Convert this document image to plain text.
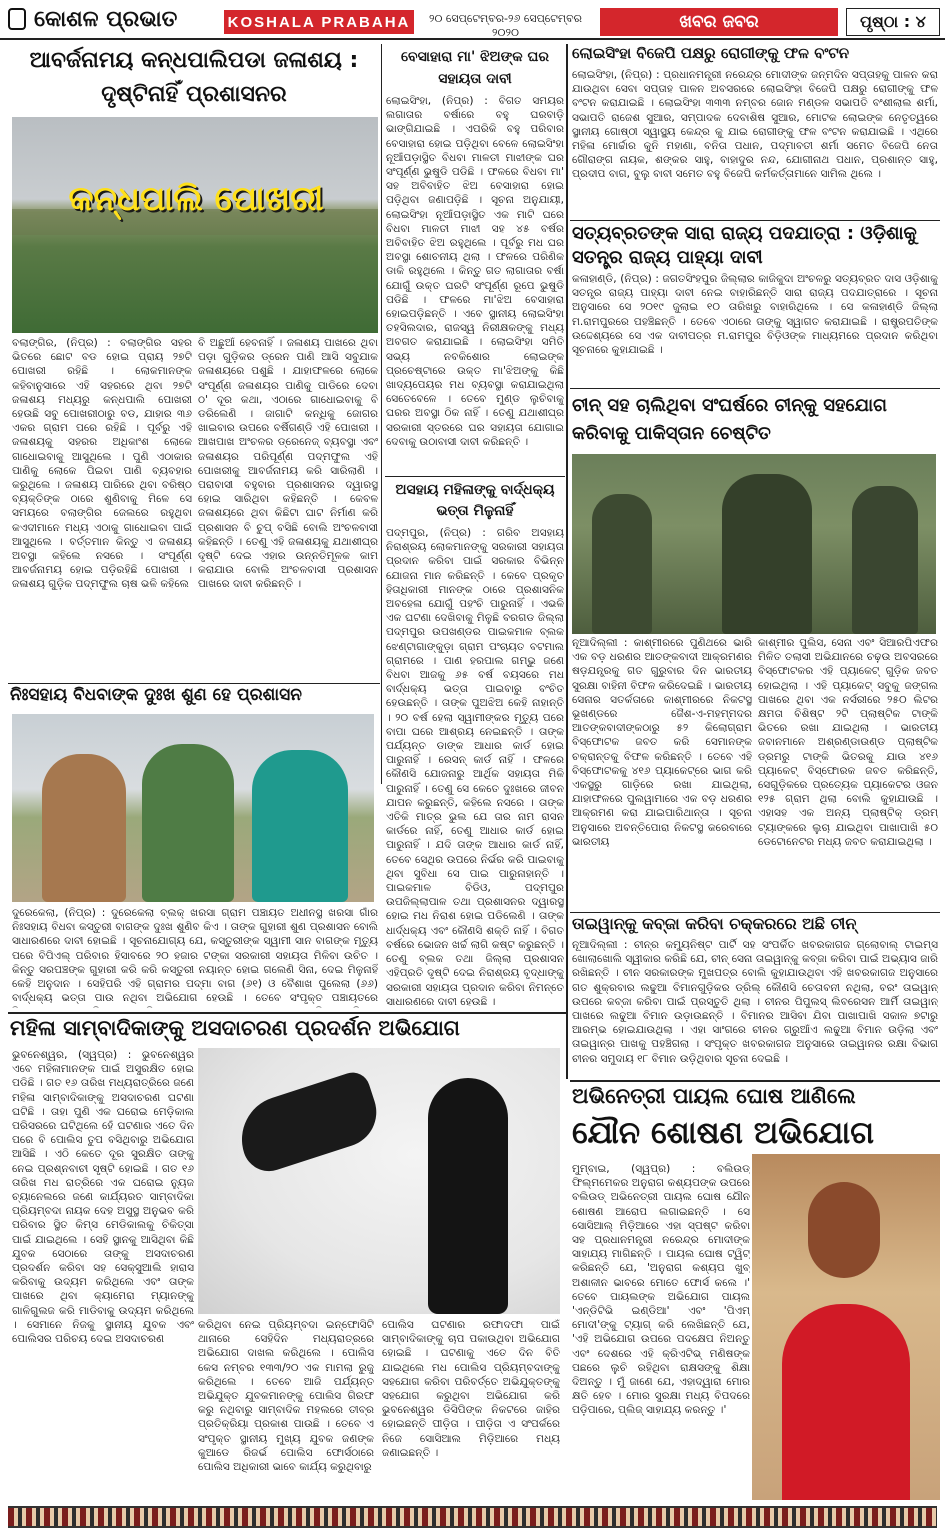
କୋଶଳ ପ୍ରଭାତ	KOSHALA PRABAHA	୨୦ ସେପ୍ଟେମ୍ବର-୨୬ ସେପ୍ଟେମ୍ବର ୨୦୨୦
ଖବର ଜବର	ପୃଷ୍ଠା : ୪
ଆବର୍ଜନାମୟ କନ୍ଧପାଲିପଡା ଜଳାଶୟ : ଦୃଷ୍ଟିନାହିଁ ପ୍ରଶାସନର
କନ୍ଧପାଲି ପୋଖରୀ
ବଲାଙ୍ଗିର, (ନିପ୍ର) : ବଲାଙ୍ଗିର ସହର ଭିତରେ ଛୋଟ ବଡ ହୋଇ ପ୍ରାୟ ୨୭ଟି ପୋଖରୀ ରହିଛି । ଲୋକମାନଙ୍କ କହିବାନୁସାରେ ଏହି ସହରରେ ଥିବା ୨୭ଟି ଜଳାଶୟ ମଧ୍ୟରୁ କନ୍ଧପାଲି ପୋଖରୀ ହେଉଛି ସବୁ ପୋଖରୀଠାରୁ ବଡ, ଯାହାର ୩୬ ଏକର ଗ୍ରାମ ପରେ ରହିଛି । ପୂର୍ବରୁ ଏହି ଜଳାଶୟକୁ ସହରର ଅଧିକାଂଶ ଲୋକେ ଗାଧୋଇବାକୁ ଆସୁଥିଲେ । ପୁଣି ଏଠାକାର ପାଣିକୁ ଲୋକେ ପିଇବା ପାଣି ବ୍ୟବହାର କରୁଥିଲେ । ଜଳାଶୟ ପାରିରେ ଥିବା ବରିଷ୍ଠ ବ୍ୟକ୍ତିଙ୍କ ଠାରେ ଶୁଣିବାକୁ ମିଳେ ସେ ସମୟରେ ବଲାଙ୍ଗିର ଜେଲରେ ରହୁଥିବା କଏଦୀମାନେ ମଧ୍ୟ ଏଠାକୁ ଗାଧୋଇବା ପାଇଁ ଆସୁଥିଲେ । ବର୍ତ୍ତମାନ କିନ୍ତୁ ଏ ଜଳାଶୟ ଅବସ୍ଥା କହିଲେ ନସରେ । ସଂପୂର୍ଣ୍ଣ ଆବର୍ଜନାମୟ ହୋଇ ପଡ଼ିରହିଛି ପୋଖରୀ । ଜଳାଶୟ ଗୁଡ଼ିକ ପଦ୍ମଫୁଲ ଚାଷ ଭଳି କହିଲେ
ବି ଅଛୁଆଁ ହେବନାହିଁ । ଜଳାଶୟ ପାଖରେ ଥିବା ପଡ଼ା ଗୁଡ଼ିକର ଡ୍ରେନ ପାଣି ଆସି ସବୁଯାକ ଜଳାଶୟରେ ପଶୁଛି । ଯାହାଫଳରେ ଲୋକେ ସଂପୂର୍ଣ୍ଣ ଜଳାଶୟର ପାଣିକୁ ପାଡିରେ ଦେବା ଠ' ଦୂର କଥା, ଏଠାରେ ଗାଧୋଇବାକୁ ବି ଡରିଲେଣି । ଜାଗାଟି କନ୍ଧିକୁ ଜୋଗର ଖାଇବାର ଉପରେ ବର୍ଷିଗଣ୍ଡି ଏହି ପୋଖରୀ । ଆଖପାଖ ଅଂଚଳର ଡ୍ରେନେଜ୍ ବ୍ୟବସ୍ଥା ଏବଂ ଜଳାଶୟର ପରିପୂର୍ଣ୍ଣ ପଦ୍ମଫୁଲ ଏହି ପୋଖରୀକୁ ଆବର୍ଜନାମୟ କରି ସାରିଲାଣି । ପରାବାସୀ ବହୁବାର ପ୍ରଶାସନର ଦ୍ୱାରସ୍ଥ ହୋଇ ସାରିଥିବା କହିଛନ୍ତି । କେବଳ ଜଳାଶୟରେ ଥିବା କିଛିଟା ଘାଟ ନିର୍ମାଣ କରି ପ୍ରଶାସନ ବି ଚୁପ୍ ବସିଛି ବୋଲି ଅଂଚଳବାସୀ କହିଛନ୍ତି । ତେଣୁ ଏହି ଜଳାଶୟକୁ ଯଥାଶୀଘ୍ର ଦୃଷ୍ଟି ଦେଇ ଏହାର ଉନ୍ନତିମୂଳକ କାମ କରାଯାଉ ବୋଲି ଅଂଚଳବାସୀ ପ୍ରଶାସନ ପାଖରେ ଦାବୀ କରିଛନ୍ତି ।
ନିଃସହାୟ ବିଧବାଙ୍କ ଦୁଃଖ ଶୁଣ ହେ ପ୍ରଶାସନ
ଦୁରେକେଲା, (ନିପ୍ର) : ଦୁରେକେଲା ବ୍ଲକ୍ ଖରସା ଗ୍ରାମ ପଞ୍ଚାୟତ ଅଧୀନସ୍ଥ ଖରସା ଗାଁର ନିଃସହାୟ ବିଧବା କସ୍ତୁରୀ ବାଗଙ୍କ ଦୁଃଖ ଶୁଣିବ କିଏ । ତାଙ୍କ ଗୁହାରୀ ଶୁଣ ପ୍ରଶାସନ ବୋଲି ସାଧାରଣରେ ଦାବୀ ହୋଇଛି । ସୂଚନାଯୋଗ୍ୟ ଯେ, କସ୍ତୁରୀଙ୍କ ସ୍ୱାମୀ ସାନ ବାଗଙ୍କ ମୃତ୍ୟୁ ପରେ ବିପିଏଲ୍ ପରିବାର ହିସାବରେ ୨୦ ହଜାର ଟଙ୍କା ସରକାରୀ ସହାୟତା ମିଳିବା ଉଚିତ । କିନ୍ତୁ ସରପଞ୍ଚଙ୍କ ଗୁହାରୀ କରି କରି କସ୍ତୁରୀ ନୟାନ୍ତ ହୋଇ ଗଲେଣି ସିନା, ଦେଇ ମିଳୁନାହିଁ କେହି ଅନୁଦାନ । ସେହିପରି ଏହି ଗ୍ରାମର ପଦ୍ମା ବାଗ (୬୧) ଓ ବୈଶାଖ ପୁଲେଲା (୬୬) ବାର୍ଦ୍ଧକ୍ୟ ଭତ୍ତା ପାଉ ନଥିବା ଅଭିଯୋଗ ହେଉଛି । ତେବେ ସଂପୃକ୍ତ ପଞ୍ଚାୟତରେ
ବେସାହାରା ମା' ଝିଅଙ୍କ ଘର ସହାୟତା ଦାବୀ
ଲୋଇସିଂହା, (ନିପ୍ର) : ବିଗତ ସମୟର ଲଗାତାର ବର୍ଷାରେ ବହୁ ଘରବାଡ଼ି ଭାଙ୍ଗିଯାଇଛି । ଏପରିକି ବହୁ ପରିବାର ବେସାହାରା ହୋଇ ପଡ଼ିଥିବା ବେଳେ ଲୋଇସିଂହା ନୂଆଁପଡ଼ାସ୍ଥିତ ବିଧବା ମାଳତୀ ମାଝୀଙ୍କ ଘର ସଂପୂର୍ଣ୍ଣ ଭୁଷୁଡି ପଡିଛି । ଫଳରେ ବିଧବା ମା' ସହ ଅବିବାହିତ ଝିଅ ବେସାହାରା ହୋଇ ପଡ଼ିଥିବା ଜଣାପଡ଼ିଛି । ସୂଚନା ଅନୁଯାୟୀ, ଲୋଇସିଂହା ନୂଆଁପଡ଼ାସ୍ଥିତ ଏକ ମାଟି ଘରେ ବିଧବା ମାଳତୀ ମାଝୀ ସହ ୪୫ ବର୍ଷର ଅବିବାହିତ ଝିଅ ରହୁଥିଲେ । ପୂର୍ବରୁ ମଧ ଘର ଅବସ୍ଥା ଶୋଚନୀୟ ଥିଲା । ଫଳରେ ପରିଣିକ ଡାକି ରହୁଥିଲେ । କିନ୍ତୁ ଗତ ଲାଗାତାର ବର୍ଷା ଯୋଗୁଁ ଉକ୍ତ ଘରଟି ସଂପୂର୍ଣ୍ଣ ରୂପେ ଭୁଷୁଡି ପଡିଛି । ଫଳରେ ମା'ଝିଅ ବେସାହାରା ହୋଇପଡ଼ିଛନ୍ତି । ଏବେ ସ୍ଥାନୀୟ ଲୋଇସିଂହା ତହସିଲଦାର, ରାଜସ୍ୱ ନିରୀକ୍ଷକଙ୍କୁ ମଧ୍ୟ ଅବଗତ କରାଯାଇଛି । ଲୋଇସିଂହା ସମିତି ସଭ୍ୟ ନବକିଶୋର ଲୋଇଙ୍କ ପ୍ରଚେଷ୍ଟାରେ ଉକ୍ତ ମା'ଝିଅଙ୍କୁ କିଛି ଖାଦ୍ୟପେୟର ମଧ ବ୍ୟବସ୍ଥା କରାଯାଇଥିଲା ସେତେବେଳେ । ତେବେ ମୁଣ୍ଡ ଲୁଚିବାକୁ ଘରର ଅବସ୍ଥା ଠିକ ନାହିଁ । ତେଣୁ ଯଥାଶୀଘ୍ର ସରକାରୀ ସ୍ତରରେ ଘର ସହାୟତା ଯୋଗାଇ ଦେବାକୁ ଉଠାବାସୀ ଦାବୀ କରିଛନ୍ତି ।
ଅସହାୟ ମହିଳାଙ୍କୁ ବାର୍ଦ୍ଧକ୍ୟ ଭତ୍ତା ମିଳୁନାହିଁ
ପଦ୍ମପୁର, (ନିପ୍ର) : ଗରିବ ଅସହାୟ ନିରାଶ୍ରୟ ଲୋକମାନଙ୍କୁ ସରକାରୀ ସହାୟତା ପ୍ରଦାନ କରିବା ପାଇଁ ସରକାର ବିଭିନ୍ନ ଯୋଜନା ମାନ କରିଛନ୍ତି । କେବେ ପ୍ରକୃତ ହିତାଧିକାରୀ ମାନଙ୍କ ଠାରେ ପ୍ରଶାସନିକ ଅବହେଳା ଯୋଗୁଁ ପହଂଚି ପାରୁନାହିଁ । ଏଭଳି ଏକ ଘଟଣା ଦେଖିବାକୁ ମିଳୁଛି ବରଗଡ ଜିଲ୍ଲା ପଦ୍ମପୁର ଉପଖଣ୍ଡର ପାଇକମାଳ ବ୍ଲକ ଝେଣ୍ଟାଗାଙ୍କୁଡ଼ା ଗ୍ରାମ ପଂଚାୟତ ବଟମାଲ ଗ୍ରାମରେ । ପାଣ ହରପାଲ ଗମ୍ଭୁ ଜଣେ ବିଧବା ଆଜକୁ ୬୫ ବର୍ଷ ବୟସରେ ମଧ ବାର୍ଦ୍ଧକ୍ୟ ଭତ୍ତା ପାଇବାରୁ ବଂଚିତ ହେଉଛନ୍ତି । ତାଙ୍କ ପୁଅଝିଅ କେହି ନାହାନ୍ତି । ୨୦ ବର୍ଷ ହେଲା ସ୍ୱାମୀଙ୍କର ମୃତ୍ୟୁ ପରେ ବାପା ଘରେ ଆଶ୍ରୟ ନେଇଛନ୍ତି । ତାଙ୍କ ପର୍ଯ୍ୟନ୍ତ ଡାଙ୍କ ଆଧାର କାର୍ଡ ହୋଇ ପାରୁନାହିଁ । ରେସନ୍ କାର୍ଡ ନାହିଁ । ଫଳରେ କୌଣସି ଯୋଜନାରୁ ଆର୍ଥିକ ସହାୟତା ମିଳି ପାରୁନାହିଁ । ତେଣୁ ସେ କେତେ ଦୁଃଖରେ ଜୀବନ ଯାପନ କରୁଛନ୍ତି, କହିଲେ ନସରେ । ତାଙ୍କ ଏତିକି ମାତ୍ର ଭୁଲ ଯେ ତାର ନାମ ରାସନ କାର୍ଡରେ ନାହିଁ, ତେଣୁ ଆଧାର କାର୍ଡ ହୋଇ ପାରୁନାହିଁ । ଯଦି ତାଙ୍କ ଆଧାର କାର୍ଡ ନାହିଁ, ତେବେ ସେଥିର ଉପରେ ନିର୍ଭର କରି ପାଇବାକୁ ଥିବା ସୁବିଧା ସେ ପାଇ ପାରୁନାହାନ୍ତି । ପାଇକମାଳ ବିଡିଓ, ପଦ୍ମପୁର ଉପଜିଲ୍ଲାପାଳ ତଥା ପ୍ରଶାସନର ଦ୍ୱାରସ୍ଥ ହୋଇ ମଧ ନିରାଶ ହୋଇ ପଡିଲେଣି । ତାଙ୍କ ଧାର୍ଦ୍ଧକ୍ୟ ଏବଂ କୌଣସି ଶକ୍ତି ନାହିଁ । ବିଗତ ବର୍ଷରେ ଭୋଜନ ଖର୍ଚ୍ଚ ଲାଗି କଷ୍ଟ କରୁଛନ୍ତି । ତେଣୁ ବ୍ଲକ ତଥା ଜିଲ୍ଲା ପ୍ରଶାସନ ଏହିପ୍ରତି ଦୃଷ୍ଟି ଦେଇ ନିରାଶ୍ରୟ ବୃଦ୍ଧାଙ୍କୁ ସରକାରୀ ସହାୟତା ପ୍ରଦାନ କରିବା ନିମନ୍ତେ ସାଧାରଣରେ ଦାବୀ ହେଉଛି ।
ଲୋଇସିଂହା ବିଜେପି ପକ୍ଷରୁ ରୋଗୀଙ୍କୁ ଫଳ ବଂଟନ
ଲୋଇସିଂହା, (ନିପ୍ର) : ପ୍ରଧାନମନ୍ତ୍ରୀ ନରେନ୍ଦ୍ର ମୋଦୀଙ୍କ ଜନ୍ମଦିନ ସପ୍ତାହକୁ ପାଳନ କରା ଯାଉଥିବା ସେବା ସପ୍ତାହ ପାଳନ ଅବସରରେ ଲୋଇସିଂହା ବିଜେପି ପକ୍ଷରୁ ରୋଗୀଙ୍କୁ ଫଳ ବଂଟନ କରାଯାଇଛି । ଲୋଇସିଂହା ୩୩୩ ନମ୍ବର ଜୋନ ମଣ୍ଡଳ ସଭାପତି ବଂଶୀଲାଲ ଶର୍ମା, ସଭାପତି ରାଜେଶ ସୁଆର, ସମ୍ପାଦକ ଦେବାଶିଷ ସୁଆର, ମୋଟକ ଲୋଇଙ୍କ ନେତୃତ୍ୱରେ ସ୍ଥାନୀୟ ଗୋଷ୍ଠୀ ସ୍ୱାସ୍ଥ୍ୟ କେନ୍ଦ୍ର କୁ ଯାଇ ରୋଗୀଙ୍କୁ ଫଳ ବଂଟନ କରାଯାଇଛି । ଏଥିରେ ମହିଳା ମୋର୍ଚ୍ଚାର କୁନି ମହାଣା, ବନିତା ପଧାନ, ପଦ୍ମାବତୀ ଶର୍ମା ସମେତ ବିଜେପି ନେତା ଗୌରାଙ୍ଗ ନାୟକ, ଶଙ୍କର ସାହୁ, ବାହାଦୁର ନନ୍ଦ, ଯୋଗୀନାଥ ପଧାନ, ପ୍ରଶାନ୍ତ ସାହୁ, ପ୍ରଦୀପ ବାଗ, ବୁଲୁ ବାବୀ ସମେତ ବହୁ ବିଜେପି କର୍ମକର୍ତ୍ତାମାନେ ସାମିଲ ଥିଲେ ।
ସତ୍ୟବ୍ରତଙ୍କ ସାରା ରାଜ୍ୟ ପଦଯାତ୍ରା : ଓଡ଼ିଶାକୁ ସତନ୍ତ୍ର ରାଜ୍ୟ ପାହ୍ୟା ଦାବୀ
କଳାହାଣ୍ଡି, (ନିପ୍ର) : ଜଗତସିଂହପୁର ଜିଲ୍ଲାର କାଜିକୁଦା ଅଂଚଳରୁ ସତ୍ୟବ୍ରତ ଦାସ ଓଡ଼ିଶାକୁ ସତନ୍ତ୍ର ରାଜ୍ୟ ପାହ୍ୟା ଦାବୀ ନେଇ ବାହାରିଛନ୍ତି ସାରା ରାଜ୍ୟ ପଦଯାତ୍ରାରେ । ସୂଚନା ଅନୁସାରେ ସେ ୨୦୧୯ ଜୁଲାଇ ୧୦ ତାରିଖରୁ ବାହାରିଥିଲେ । ସେ କଳାହାଣ୍ଡି ଜିଲ୍ଲା ମ.ରାମପୁରରେ ପହଞ୍ଚିଛନ୍ତି । ତେବେ ଏଠାରେ ତାଙ୍କୁ ସ୍ୱାଗତ କରାଯାଇଛି । ରାଷ୍ଟ୍ରପତିଙ୍କ ଉଦ୍ଦେଶ୍ୟରେ ସେ ଏକ ଦାବୀପତ୍ର ମ.ରାମପୁର ବିଡ଼ିଓଙ୍କ ମାଧ୍ୟମରେ ପ୍ରଦାନ କରିଥିବା ସୂଚନାରେ କୁହାଯାଇଛି ।
ଚୀନ୍ ସହ ଚାଲିଥିବା ସଂଘର୍ଷରେ ଚୀନ୍‌କୁ ସହଯୋଗ କରିବାକୁ ପାକିସ୍ତାନ ଚେଷ୍ଟିତ
ନୂଆଦିଲ୍ଲୀ : କାଶ୍ମୀରରେ ପୁଣିଥରେ ଭାରି ଏକ ବଡ଼ ଧରଣର ଆତଙ୍କବାଦୀ ଆକ୍ରମଣର ଷଡ଼ଯନ୍ତ୍ରକୁ ଗତ ଗୁରୁବାର ଦିନ ଭାରତୀୟ ସୁରକ୍ଷା ବାହିନୀ ବିଫଳ କରିଦେଇଛି । ଭାରତୀୟ ସେନାର ସତର୍କତାରେ କାଶ୍ମୀରରେ ନିକଟସ୍ଥ ଭୂଖଣ୍ଡରେ ଜୈଶ-ଏ-ମହମ୍ମଦର ଆତଙ୍କବାଦୀଙ୍କଠାରୁ ୫୨ କିଲୋଗ୍ରାମ ବିସ୍ଫୋଟକ ଜବତ କରି ସେମାନଙ୍କ ଚକ୍ରାନ୍ତକୁ ବିଫଳ କରିଛନ୍ତି । ତେବେ ଏହି ବିସ୍ଫୋଟକକୁ ୪୧୬ ପ୍ୟାକେଟ୍‌ରେ ଭାଗ କରି ଏକସ୍ଥରୁ ଗାଡ଼ିରେ ରଖା ଯାଇଥିଲା, ଯାହାଫଳରେ ପୁଲୱାମାରେ ଏକ ବଡ଼ ଧରଣର ଆକ୍ରମଣ କରା ଯାଇପାରିଥାନ୍ତା । ସୂଚନା ଅନୁସାରେ ଅବନ୍ତିପୋରା ନିକଟସ୍ଥ କରେବାରେ ଭାରତୀୟ
କାଶ୍ମୀର ପୁଲିସ, ସେନା ଏବଂ ସିଆରପିଏଫର ମିଳିତ ତଲାସୀ ଅଭିଯାନରେ ଚଢ଼ଉ ଅବସରରେ ବିସ୍ଫୋଟକର ଏହି ପ୍ୟାକେଟ୍ ଗୁଡ଼ିକ ଜବତ ହୋଇଥିଲା । ଏହି ପ୍ୟାକେଟ୍ ସବୁକୁ ଜଙ୍ଗଲ ପାଖରେ ଥିବା ଏକ ନର୍ସରୀରେ ୨୫୦ ଲିଟର କ୍ଷମତା ବିଶିଷ୍ଟ ୨ଟି ପ୍ଲାଷ୍ଟିକ ଟାଙ୍କି ଭିତରେ ରଖା ଯାଇଥିଲା । ଭାରତୀୟ ଜବାନମାନେ ଅଶ୍ରଣ୍ଡାଉଣ୍ଡ ପ୍ଲାଷ୍ଟିକ ଡ୍ରମରୁ ଟାଙ୍କି ଭିତରକୁ ଯାଉ ୪୧୬ ପ୍ୟାକେଟ୍ ବିସ୍ଫୋରକ ଜବତ କରିଛନ୍ତି, ସେଗୁଡ଼ିକରେ ପ୍ରତ୍ୟେକ ପ୍ୟାକେଟର ଓଜନ ୧୨୫ ଗ୍ରାମ ଥିଲା ବୋଲି କୁହାଯାଉଛି । ଏହାସହ ଏକ ଅନ୍ୟ ପ୍ଲାଷ୍ଟିକ୍ ଡ୍ରମ୍ ଟ୍ୟାଙ୍କରେ ଲୁଚା ଯାଇଥିବା ପାଖାପାଖି ୫୦ ଡେଟୋନେଟର ମଧ୍ୟ ଜବତ କରାଯାଇଥିଲା ।
ତାଇୱାନ୍‌କୁ କବ୍‌ଜା କରିବା ଚକ୍କରରେ ଅଛି ଚୀନ୍
ନୂଆଦିଲ୍ଲୀ : ଚୀନ୍‌ର କମ୍ୟୁନିଷ୍ଟ ପାର୍ଟି ସହ ସଂପର୍କିତ ଖବରକାଗଜ ଗ୍ଲୋବାଲ୍ ଟାଇମ୍ସ ଖୋଲାଖୋଲି ସ୍ୱୀକାର କରିଛି ଯେ, ଚୀନ୍ ସେନା ତାଇୱାନ୍‌କୁ କବ୍‌ଜା କରିବା ପାଇଁ ଅଭ୍ୟାସ ଜାରି ରଖିଛନ୍ତି । ଚୀନ ସରକାରଙ୍କ ମୁଖପତ୍ର ବୋଲି କୁହାଯାଉଥିବା ଏହି ଖବରକାଗଜ ଅନୁସାରେ ଗତ ଶୁକ୍ରବାର ଲଢୁଆ ବିମାନଗୁଡ଼ିକର ଡ୍ରିଲ୍ କୌଣସି ଚେତାବନୀ ନଥିଲା, ବରଂ ତାଇୱାନ୍ ଉପରେ କବ୍‌ଜା କରିବା ପାଇଁ ପ୍ରସ୍ତୁତି ଥିଲା । ଚୀନର ପିପୁଲସ୍ ଲିବରେସନ ଆର୍ମି ତାଇୱାନ୍ ପାଖରେ ଲଢୁଆ ବିମାନ ଉଡ଼ାଉଛନ୍ତି । ବିମାନର ଆସିବା ଯିବା ପାଖାପାଖି ସକାଳ ୭ଟାରୁ ଆରମ୍ଭ ହୋଇଯାଉଥିଲା । ଏହା ସାଂଗରେ ଚୀନର ଗ୍ରୁଆଁଏ ଲଢୁଆ ବିମାନ ଉଡ଼ିଲା ଏବଂ ତାଇୱାନ୍‌ର ପାଖକୁ ପହଞ୍ଚିଗଲା । ସଂପୃକ୍ତ ଖବରକାଗଜ ଅନୁସାରେ ତାଇୱାନର ରକ୍ଷା ବିଭାଗ ଚୀନର ସମୁଦାୟ ୧୮ ବିମାନ ଉଡ଼ିଥିବାର ସୂଚନା ଦେଇଛି ।
ମହିଳା ସାମ୍ବାଦିକାଙ୍କୁ ଅସଦାଚରଣ ପ୍ରଦର୍ଶନ ଅଭିଯୋଗ
ଭୁବନେଶ୍ୱର, (ସ୍ୱପ୍ର) : ଭୁବନେଶ୍ୱର ଏବେ ମହିଳାମାନଙ୍କ ପାଇଁ ଅସୁରକ୍ଷିତ ହୋଇ ପଡିଛି । ଗତ ୧୬ ତାରିଖ ମଧ୍ୟରାତ୍ରିରେ ଜଣେ ମହିଳା ସାମ୍ବାଦିକାଙ୍କୁ ଅସଦାଚରଣ ଘଟଣା ଘଟିଛି । ତାହା ପୁଣି ଏକ ଘରୋଇ ମେଡ଼ିକାଲ ପରିସରରେ ଘଟିଥିଲେ ହେଁ ଘଟଣାର ଏତେ ଦିନ ପରେ ବି ପୋଲିସ ତୁପ ବସିଥିବାରୁ ଅଭିଯୋଗ ଆସିଛି । ଏଠି କେତେ ଦୂର ସୁରକ୍ଷିତ ତାଙ୍କୁ ନେଇ ପ୍ରଶ୍ନବାଚୀ ସୃଷ୍ଟି ହୋଇଛି । ଗତ ୧୬ ତାରିଖ ମଧ ରାତ୍ରିରେ ଏକ ଘରୋଇ ନ୍ୟୁଜ ଚ୍ୟାନେଲରେ ଜଣେ କାର୍ଯ୍ୟରତ ସାମ୍ବାଦିକା ପ୍ରିୟମ୍ବଦା ନାୟକ ଦେହ ଅସୁସ୍ଥ ଅନୁଭବ କରି ପରିବାର ସ୍ଥିତ କିମ୍ସ ମେଡିକାଲକୁ ଚିକିତ୍ସା ପାଇଁ ଯାଇଥିଲେ । ସେହି ସ୍ଥାନକୁ ଆସିଥିବା କିଛି ଯୁବକ ସେଠାରେ ତାଙ୍କୁ ଅସଦାଚରଣ ପ୍ରଦର୍ଶନ କରିବା ସହ ସେକ୍ସୁଆଲି ହାରାସ କରିବାକୁ ଉଦ୍ୟମ କରିଥିଲେ ଏବଂ ତାଙ୍କ ପାଖରେ ଥିବା କ୍ୟାମେରା ମ୍ୟାନଙ୍କୁ ଗାଳିଗୁଲଜ କରି ମାଡିବାକୁ ଉଦ୍ୟମ କରିଥିଲେ । ସେମାନେ ନିଜକୁ ସ୍ଥାନୀୟ ଯୁବକ ଏବଂ ପୋଲିସର ପରିଚୟ ଦେଇ ଅସଦାଚରଣ
କରିଥିବା ନେଇ ପ୍ରିୟମ୍ବଦା ଇନ୍‌ଫୋସିଟି ଥାନାରେ ସେହିଦିନ ମଧ୍ୟରାତ୍ରରେ ଅଭିଯୋଗ ଦାଖଲ କରିଥିଲେ । ପୋଲିସ କେସ ନମ୍ବର ୧୩୩/୨୦ ଏକ ମାମଲା ରୁଜୁ କରିଥିଲେ । ତେବେ ଆଜି ପର୍ଯ୍ୟନ୍ତ ଅଭିଯୁକ୍ତ ଯୁବକମାନଙ୍କୁ ପୋଲିସ ଗିରଫ କରୁ ନଥିବାରୁ ସାମ୍ବାଦିକ ମହଲରେ ତୀବ୍ର ପ୍ରତିକ୍ରିୟା ପ୍ରକାଶ ପାଉଛି । ତେବେ ଏ ସଂପୃକ୍ତ ସ୍ଥାନୀୟ ମୁଖ୍ୟ ଯୁବକ ଜଣଙ୍କ କୁଆଡେ ରିଜର୍ଭ ପୋଲିସ ଫୋର୍ସଠାରେ ପୋଲିସ ଅଧିକାରୀ ଭାବେ କାର୍ଯ୍ୟ କରୁଥିବାରୁ
ପୋଲିସ ଘଟଣାର ରଫାଦଫା ପାଇଁ ସାମ୍ବାଦିକାଙ୍କୁ ଚାପ ପକାଉଥିବା ଅଭିଯୋଗ ହୋଇଛି । ଘଟଣାକୁ ଏତେ ଦିନ ବିତି ଯାଇଥିଲେ ମଧ ପୋଲିସ ପ୍ରିୟମ୍ବଦାଙ୍କୁ ସହଯୋଗ କରିବା ପରିବର୍ତ୍ତେ ଅଭିଯୁକ୍ତଙ୍କୁ ସହଯୋଗ କରୁଥିବା ଅଭିଯୋଗ କରି ଭୁବନେଶ୍ୱର ଡିସିପିଙ୍କ ନିକଟରେ ଜାହିର ହୋଇଛନ୍ତି ପୀଡ଼ିତା । ପୀଡ଼ିତା ଏ ସଂପର୍କରେ ନିଜେ ସୋସିଆଲ ମିଡ଼ିଆରେ ମଧ୍ୟ ଜଣାଇଛନ୍ତି ।
ଅଭିନେତ୍ରୀ ପାୟଲ ଘୋଷ ଆଣିଲେ
ଯୌନ ଶୋଷଣ ଅଭିଯୋଗ
ମୁମ୍ବାଇ, (ସ୍ୱପ୍ର) : ବଲିଉଡ୍ ଫିଲ୍ମମେକର ଅନୁରାଗ କଶ୍ୟପଙ୍କ ଉପରେ ବଲିଉଡ୍ ଅଭିନେତ୍ରୀ ପାୟଲ ଘୋଷ ଯୌନ ଶୋଷଣ ଆରୋପ ଲଗାଇଛନ୍ତି । ସେ ସୋସିଆଲ୍ ମିଡ଼ିଆରେ ଏହା ସ୍ପଷ୍ଟ କରିବା ସହ ପ୍ରଧାନମନ୍ତ୍ରୀ ନରେନ୍ଦ୍ର ମୋଦୀଙ୍କ ସାହାଯ୍ୟ ମାଗିଛନ୍ତି । ପାୟଲ ଘୋଷ ଟ୍ୱିଟ୍ କରିଛନ୍ତି ଯେ, 'ଅନୁରାଗ କଶ୍ୟପ ଖୁବ୍ ଅଶାଳୀନ ଭାବରେ ମୋତେ ଫୋର୍ସ କଲେ ।' ତେବେ ପାୟଲଙ୍କ ଅଭିଯୋଗ ପାୟଲ 'ଏନ୍‌ଡିଟିଭି ଇଣ୍ଡିଆ' ଏବଂ 'ପିଏମ୍ ମୋଦୀ'ଙ୍କୁ ଟ୍ୟାଗ୍ କରି ଲେଖିଛନ୍ତି ଯେ, 'ଏହି ଅଭିଯୋଗ ଉପରେ ପଦକ୍ଷେପ ନିଅନ୍ତୁ ଏବଂ ଦେଶରେ ଏହି କ୍ରିଏଟିଭ୍ ମଣିଷଙ୍କ ପଛରେ ଲୁଚି ରହିଥିବା ରାକ୍ଷସଙ୍କୁ ଶିକ୍ଷା ଦିଅନ୍ତୁ । ମୁଁ ଜାଣେ ଯେ, ଏହାଦ୍ୱାରା ମୋର କ୍ଷତି ହେବ । ମୋର ସୁରକ୍ଷା ମଧ୍ୟ ବିପଦରେ ପଡ଼ିପାରେ, ପ୍ଲିଜ୍ ସାହାଯ୍ୟ କରନ୍ତୁ ।'
